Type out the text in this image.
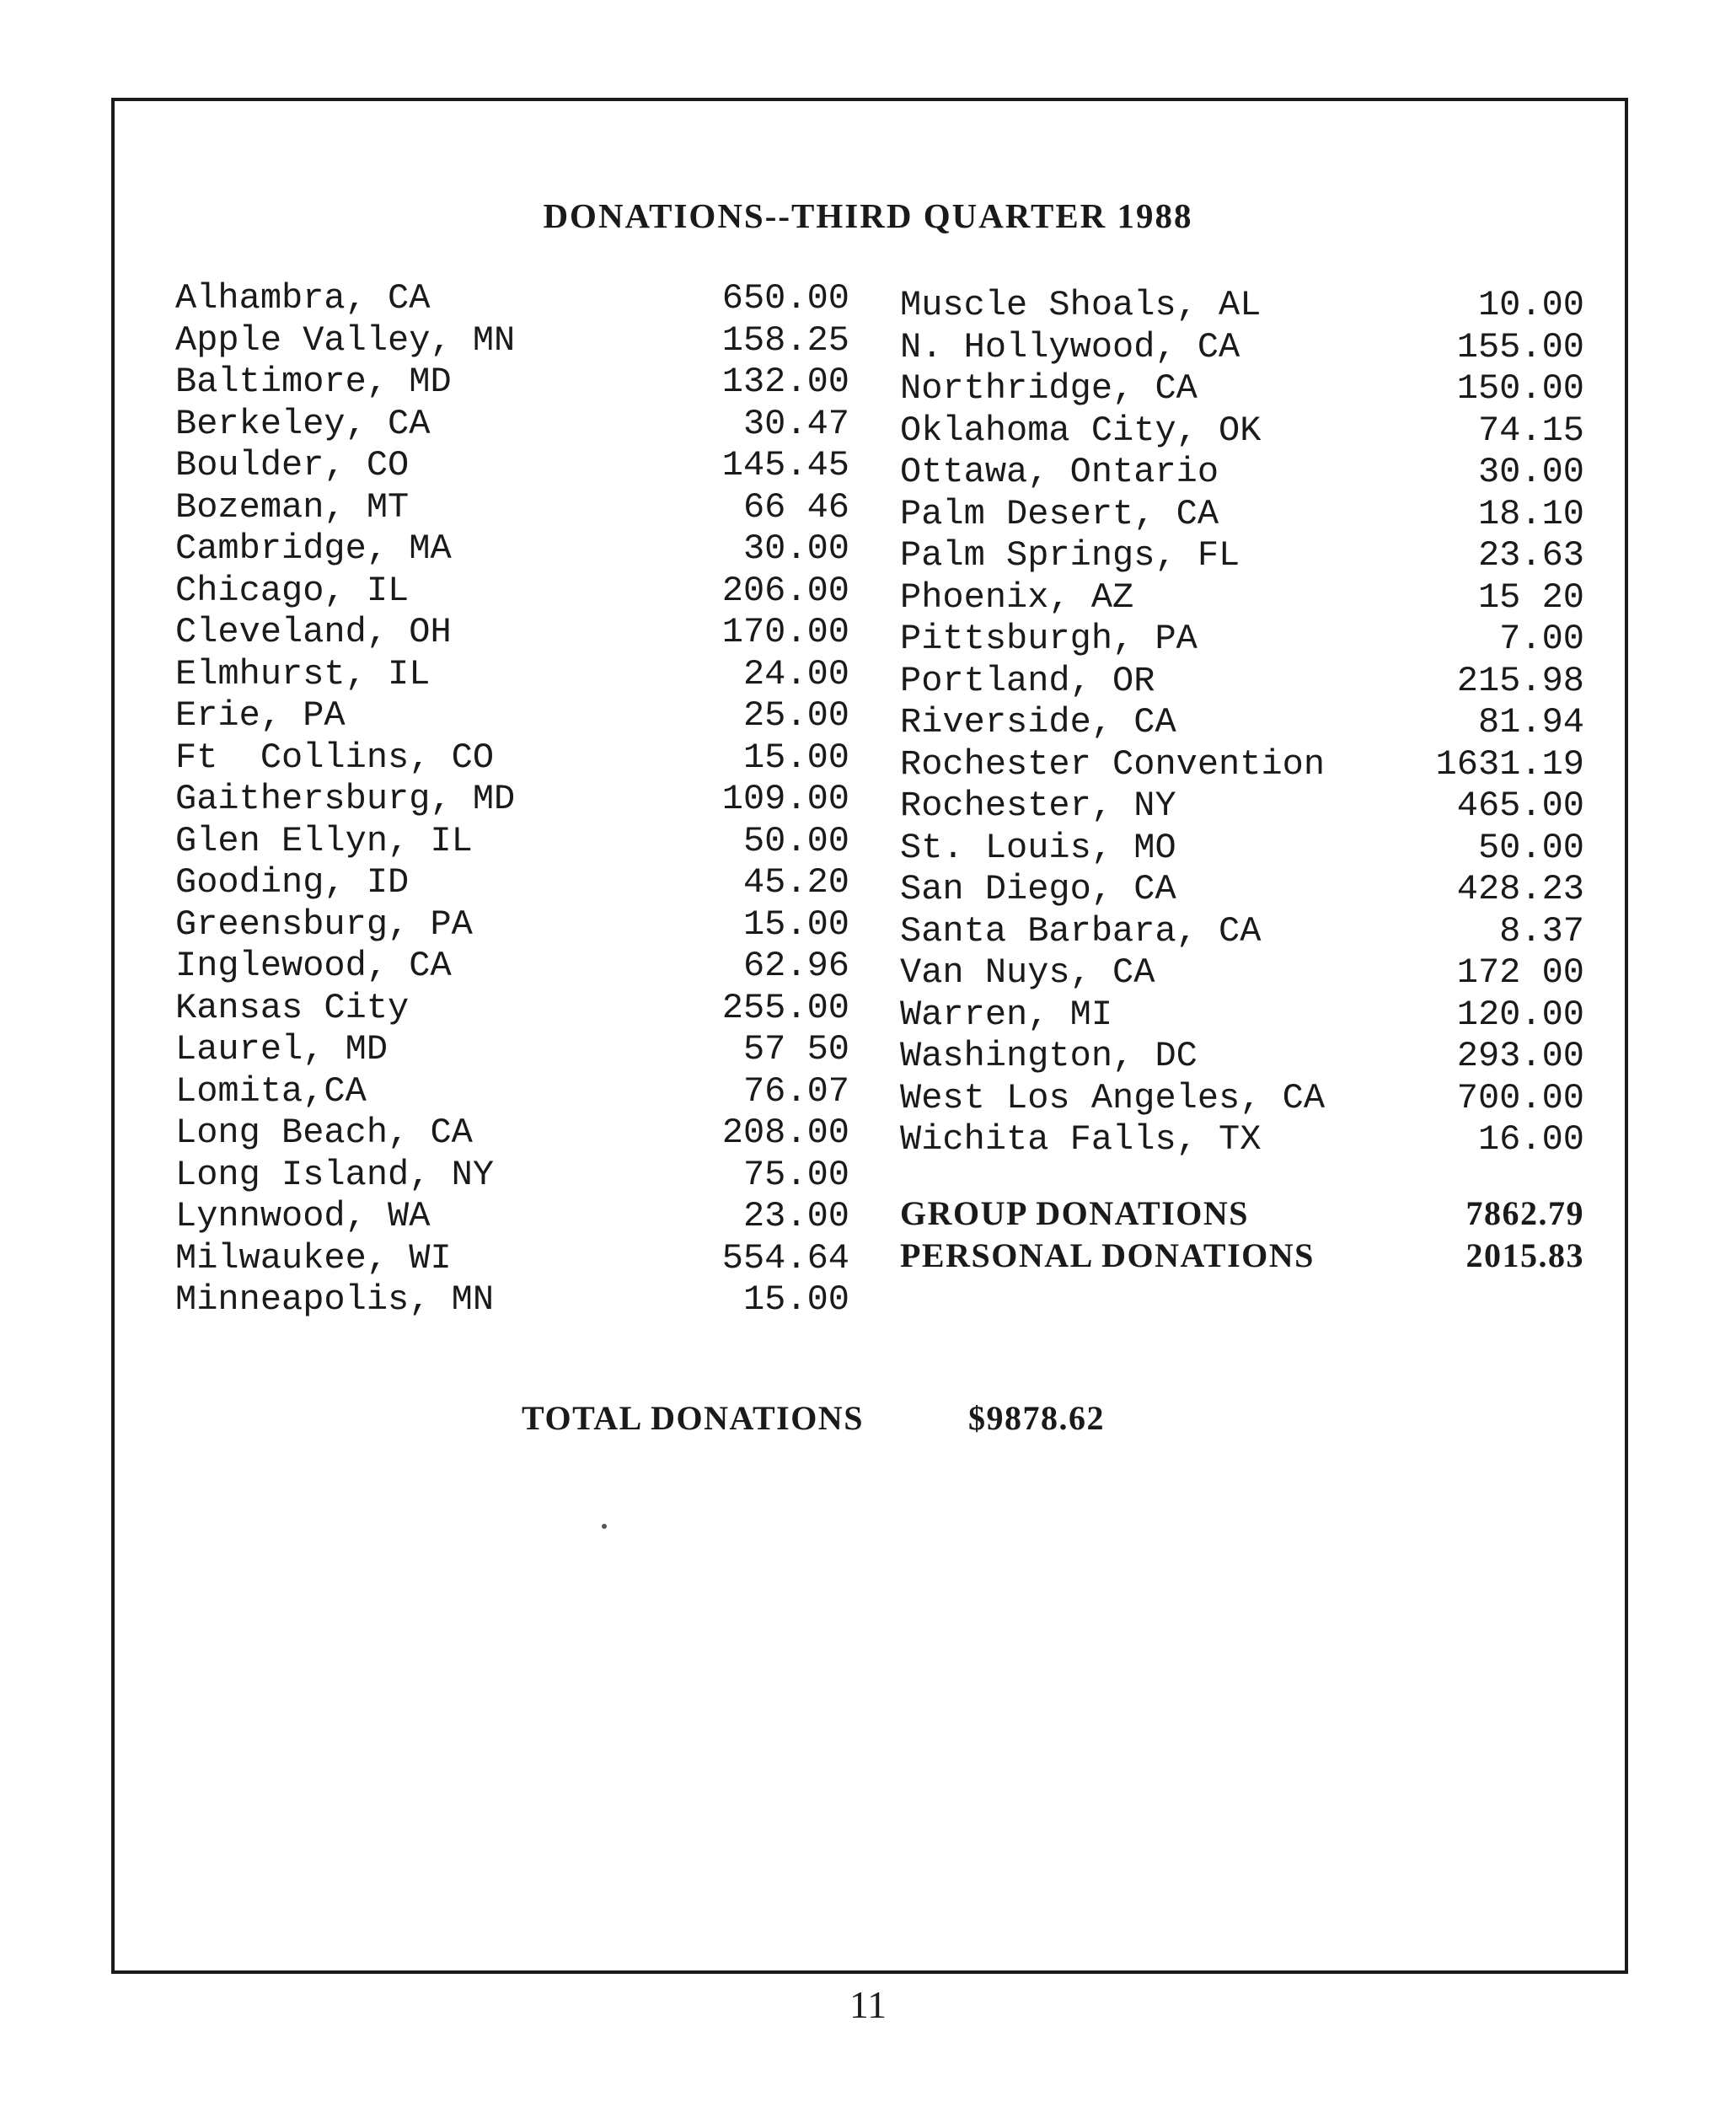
DONATIONS--THIRD QUARTER 1988
Alhambra, CA	650.00
Apple Valley, MN	158.25
Baltimore, MD	132.00
Berkeley, CA	30.47
Boulder, CO	145.45
Bozeman, MT	66 46
Cambridge, MA	30.00
Chicago, IL	206.00
Cleveland, OH	170.00
Elmhurst, IL	24.00
Erie, PA	25.00
Ft  Collins, CO	15.00
Gaithersburg, MD	109.00
Glen Ellyn, IL	50.00
Gooding, ID	45.20
Greensburg, PA	15.00
Inglewood, CA	62.96
Kansas City	255.00
Laurel, MD	57 50
Lomita,CA	76.07
Long Beach, CA	208.00
Long Island, NY	75.00
Lynnwood, WA	23.00
Milwaukee, WI	554.64
Minneapolis, MN	15.00
Muscle Shoals, AL	10.00
N. Hollywood, CA	155.00
Northridge, CA	150.00
Oklahoma City, OK	74.15
Ottawa, Ontario	30.00
Palm Desert, CA	18.10
Palm Springs, FL	23.63
Phoenix, AZ	15 20
Pittsburgh, PA	7.00
Portland, OR	215.98
Riverside, CA	81.94
Rochester Convention	1631.19
Rochester, NY	465.00
St. Louis, MO	50.00
San Diego, CA	428.23
Santa Barbara, CA	8.37
Van Nuys, CA	172 00
Warren, MI	120.00
Washington, DC	293.00
West Los Angeles, CA	700.00
Wichita Falls, TX	16.00
GROUP DONATIONS	7862.79
PERSONAL DONATIONS	2015.83

TOTAL DONATIONS	$9878.62

11
